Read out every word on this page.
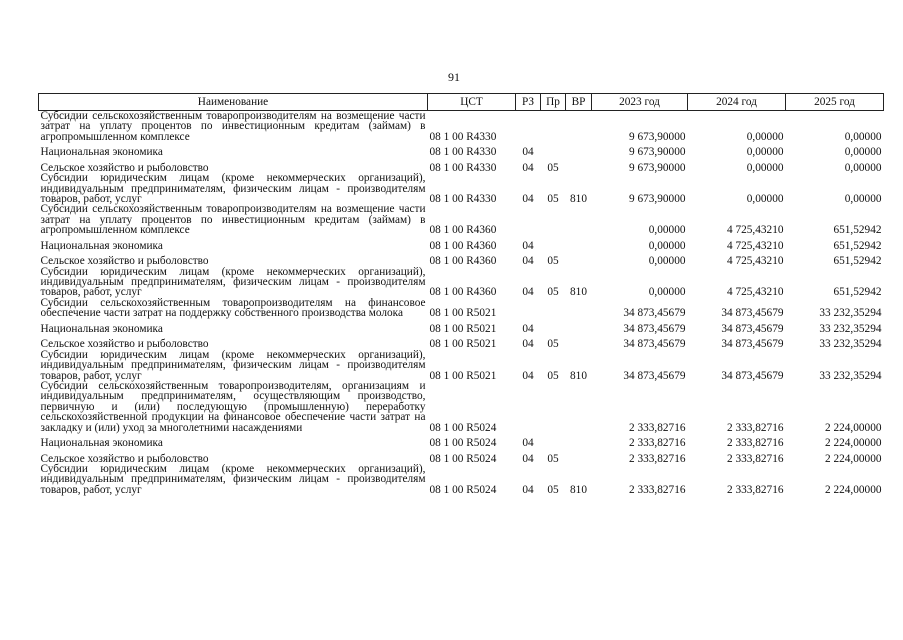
91
Наименование	ЦСТ	РЗ	Пр	ВР	2023 год	2024 год	2025 год
Субсидии сельскохозяйственным товаропроизводителям на возмещение части затрат на уплату процентов по инвестиционным кредитам (займам) в агропромышленном комплексе	08 1 00 R4330				9 673,90000	0,00000	0,00000
Национальная экономика	08 1 00 R4330	04			9 673,90000	0,00000	0,00000
Сельское хозяйство и рыболовство	08 1 00 R4330	04	05		9 673,90000	0,00000	0,00000
Субсидии юридическим лицам (кроме некоммерческих организаций), индивидуальным предпринимателям, физическим лицам - производителям товаров, работ, услуг	08 1 00 R4330	04	05	810	9 673,90000	0,00000	0,00000
Субсидии сельскохозяйственным товаропроизводителям на возмещение части затрат на уплату процентов по инвестиционным кредитам (займам) в агропромышленном комплексе	08 1 00 R4360				0,00000	4 725,43210	651,52942
Национальная экономика	08 1 00 R4360	04			0,00000	4 725,43210	651,52942
Сельское хозяйство и рыболовство	08 1 00 R4360	04	05		0,00000	4 725,43210	651,52942
Субсидии юридическим лицам (кроме некоммерческих организаций), индивидуальным предпринимателям, физическим лицам - производителям товаров, работ, услуг	08 1 00 R4360	04	05	810	0,00000	4 725,43210	651,52942
Субсидии сельскохозяйственным товаропроизводителям на финансовое обеспечение части затрат на поддержку собственного производства молока	08 1 00 R5021				34 873,45679	34 873,45679	33 232,35294
Национальная экономика	08 1 00 R5021	04			34 873,45679	34 873,45679	33 232,35294
Сельское хозяйство и рыболовство	08 1 00 R5021	04	05		34 873,45679	34 873,45679	33 232,35294
Субсидии юридическим лицам (кроме некоммерческих организаций), индивидуальным предпринимателям, физическим лицам - производителям товаров, работ, услуг	08 1 00 R5021	04	05	810	34 873,45679	34 873,45679	33 232,35294
Субсидии сельскохозяйственным товаропроизводителям, организациям и индивидуальным предпринимателям, осуществляющим производство, первичную и (или) последующую (промышленную) переработку сельскохозяйственной продукции на финансовое обеспечение части затрат на закладку и (или) уход за многолетними насаждениями	08 1 00 R5024				2 333,82716	2 333,82716	2 224,00000
Национальная экономика	08 1 00 R5024	04			2 333,82716	2 333,82716	2 224,00000
Сельское хозяйство и рыболовство	08 1 00 R5024	04	05		2 333,82716	2 333,82716	2 224,00000
Субсидии юридическим лицам (кроме некоммерческих организаций), индивидуальным предпринимателям, физическим лицам - производителям товаров, работ, услуг	08 1 00 R5024	04	05	810	2 333,82716	2 333,82716	2 224,00000
